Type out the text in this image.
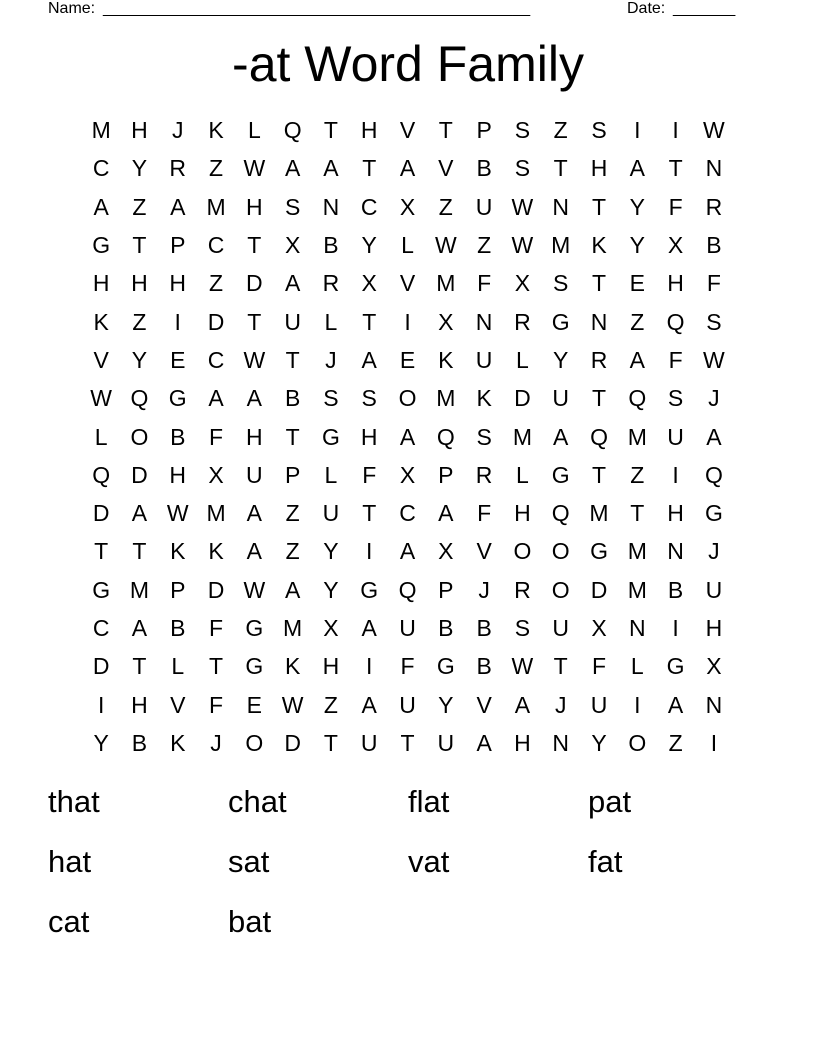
Name: ________________________________________________	Date: _______
-at Word Family
M H	J	K	L Q T H V	T	P S	Z	S	I	I	W
C Y R Z W A A	T	A V B S	T H A	T N
A	Z	A M H S N C X	Z U W N T	Y	F R
G T	P C T	X B Y	L W Z W M K Y X B
H H H Z D A R X V M F	X S	T	E H F
K	Z	I	D T U	L	T	I	X N R G N Z Q S
V Y E C W T	J	A E K U	L	Y R A	F W
W Q G A A B S S O M K D U T Q S	J
L O B	F H T G H A Q S M A Q M U A
Q D H X U P	L	F	X P R	L G T	Z	I	Q
D A W M A	Z U T C A	F H Q M T H G
T	T	K K A	Z	Y	I	A X V O O G M N	J
G M P D W A Y G Q P	J	R O D M B U
C A B	F G M X A U B B S U X N	I	H
D T	L	T G K H	I	F G B W T	F	L G X
I	H V	F	E W Z	A U Y V A	J	U	I	A N
Y B K	J	O D T U T U A H N Y O Z	I
that	chat	flat	pat
hat	sat	vat	fat
cat	bat
